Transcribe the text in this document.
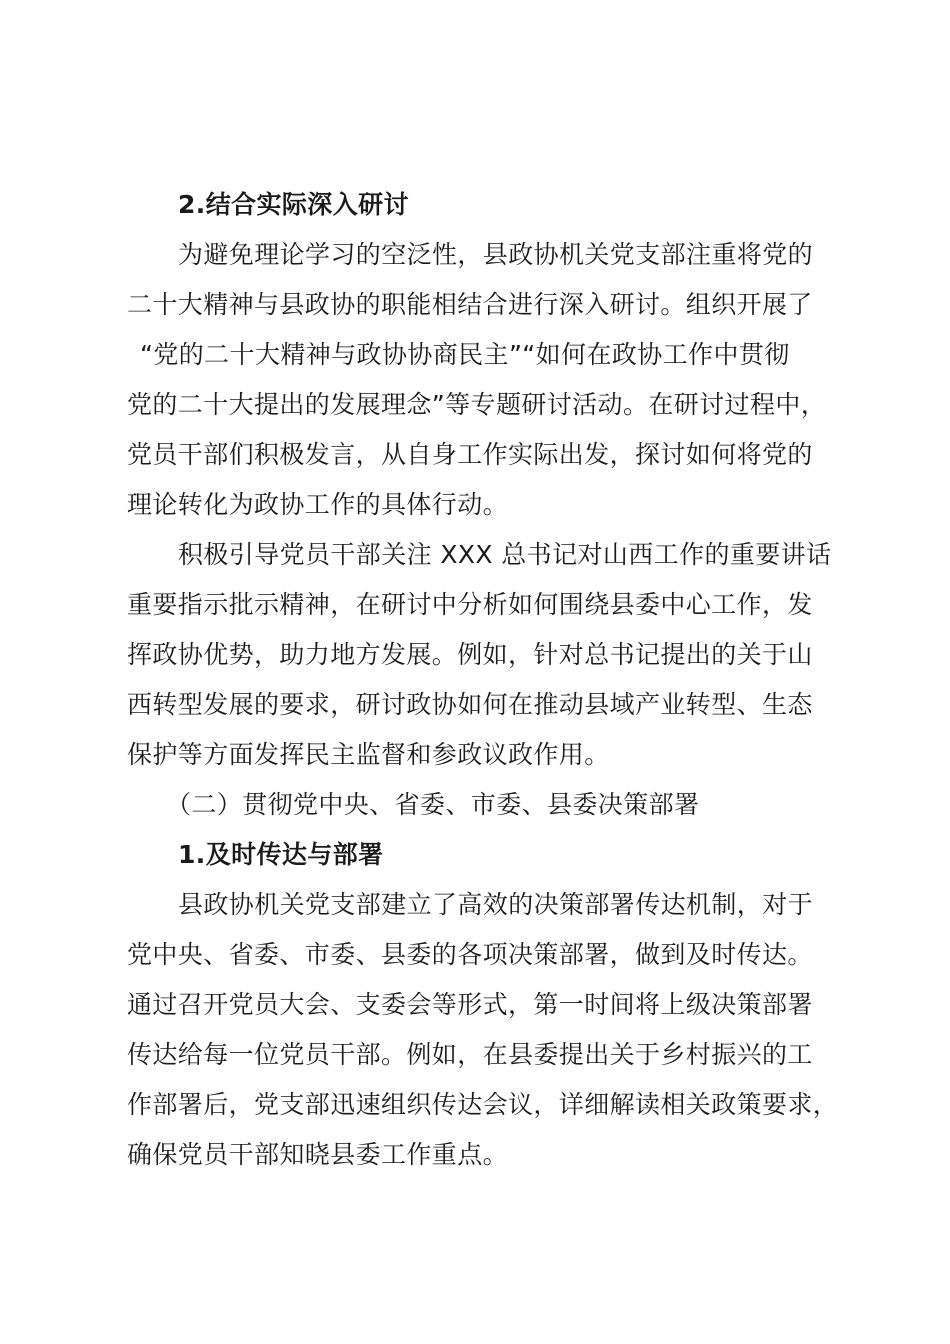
2.结合实际深入研讨
为避免理论学习的空泛性，县政协机关党支部注重将党的
二十大精神与县政协的职能相结合进行深入研讨。组织开展了
“党的二十大精神与政协协商民主”“如何在政协工作中贯彻
党的二十大提出的发展理念”等专题研讨活动。在研讨过程中，
党员干部们积极发言，从自身工作实际出发，探讨如何将党的
理论转化为政协工作的具体行动。
积极引导党员干部关注 XXX 总书记对山西工作的重要讲话
重要指示批示精神，在研讨中分析如何围绕县委中心工作，发
挥政协优势，助力地方发展。例如，针对总书记提出的关于山
西转型发展的要求，研讨政协如何在推动县域产业转型、生态
保护等方面发挥民主监督和参政议政作用。
（二）贯彻党中央、省委、市委、县委决策部署
1.及时传达与部署
县政协机关党支部建立了高效的决策部署传达机制，对于
党中央、省委、市委、县委的各项决策部署，做到及时传达。
通过召开党员大会、支委会等形式，第一时间将上级决策部署
传达给每一位党员干部。例如，在县委提出关于乡村振兴的工
作部署后，党支部迅速组织传达会议，详细解读相关政策要求，
确保党员干部知晓县委工作重点。
